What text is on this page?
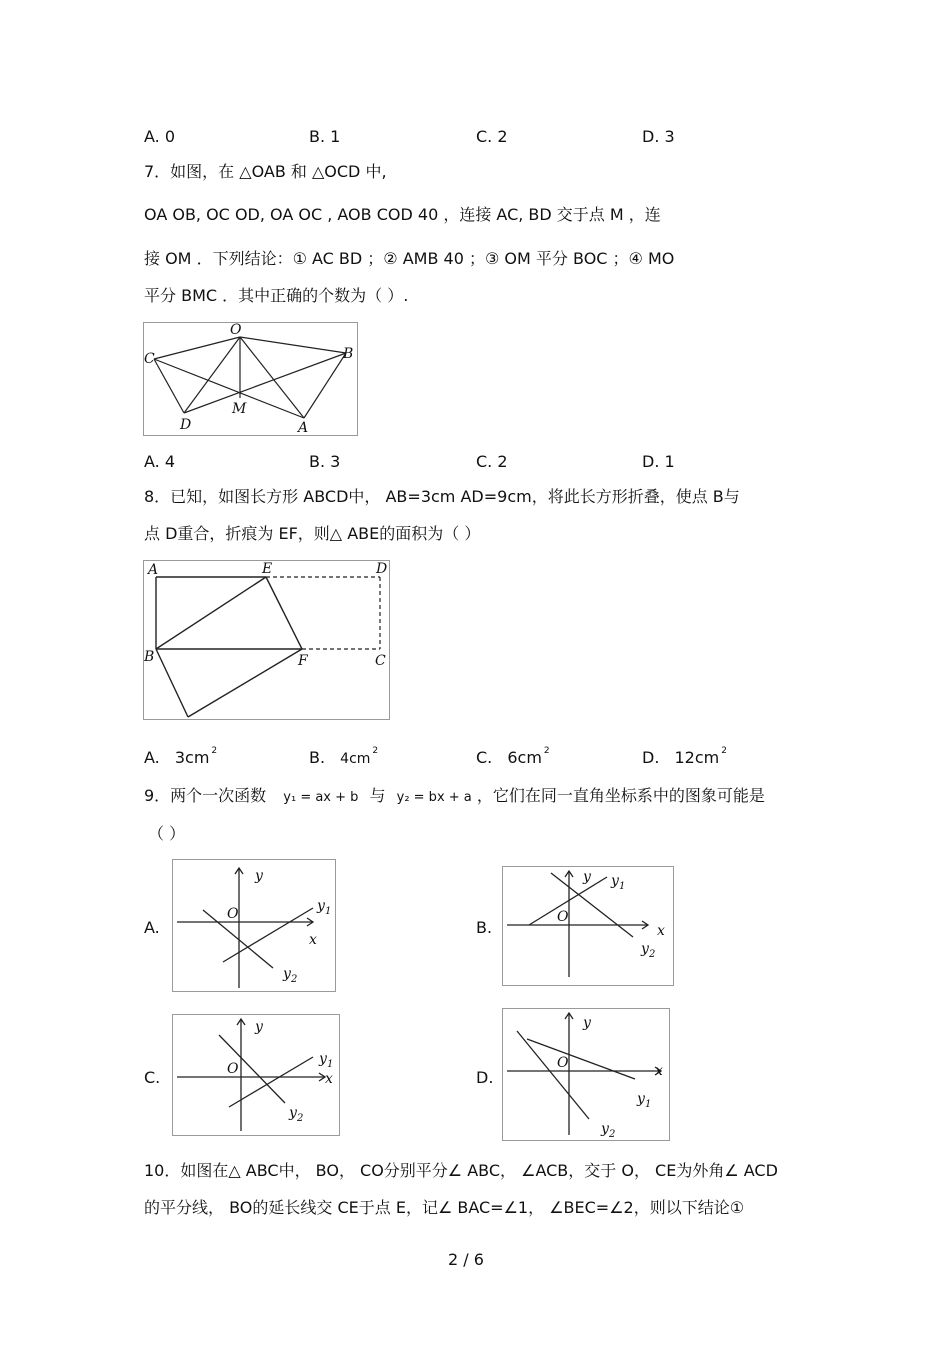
A. 0	B. 1	C. 2	D. 3
7．如图，在 △OAB 和 △OCD 中,
OA OB, OC OD, OA OC , AOB COD 40 ，连接 AC, BD 交于点 M ，连
接 OM ．下列结论：① AC BD ；② AMB 40 ；③ OM 平分 BOC ；④ MO
平分 BMC ．其中正确的个数为（ ）.
O
C	B
D
M
A
A. 4	B. 3	C. 2	D. 1
8．已知，如图长方形 ABCD中， AB=3cm AD=9cm，将此长方形折叠，使点 B与
点 D重合，折痕为 EF，则△ ABE的面积为（ ）
A	E	D
B	F	C
A. 3cm $^2$	B. 4cm $^2$	C. 6cm $^2$	D. 12cm $^2$
9．两个一次函数 y₁ = ax + b 与 y₂ = bx + a ，它们在同一直角坐标系中的图象可能是
（ ）
A.
y
O
x
y 1
y 2
B.
y
O
x
y 1
y 2
C.
y
O
x
y 1
y 2
D.
y
O	x
y 1
y 2
10．如图在△ ABC中， BO， CO分别平分∠ ABC， ∠ACB，交于 O， CE为外角∠ ACD
的平分线， BO的延长线交 CE于点 E，记∠ BAC=∠1， ∠BEC=∠2，则以下结论①
2 / 6
